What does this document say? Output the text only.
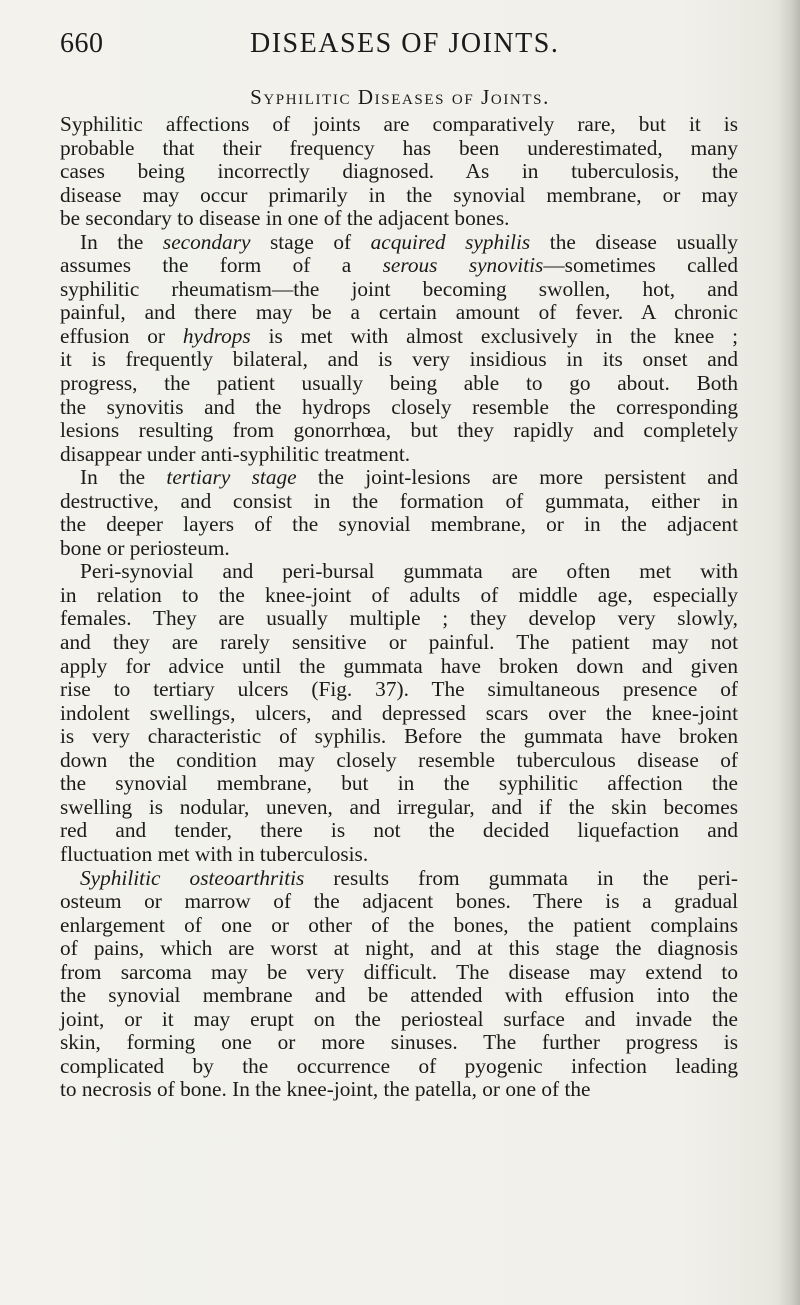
660	DISEASES OF JOINTS.
Syphilitic Diseases of Joints.
Syphilitic affections of joints are comparatively rare, but it is
probable that their frequency has been underestimated, many
cases being incorrectly diagnosed. As in tuberculosis, the
disease may occur primarily in the synovial membrane, or may
be secondary to disease in one of the adjacent bones.
In the secondary stage of acquired syphilis the disease usually
assumes the form of a serous synovitis—sometimes called
syphilitic rheumatism—the joint becoming swollen, hot, and
painful, and there may be a certain amount of fever. A chronic
effusion or hydrops is met with almost exclusively in the knee ;
it is frequently bilateral, and is very insidious in its onset and
progress, the patient usually being able to go about. Both
the synovitis and the hydrops closely resemble the corresponding
lesions resulting from gonorrhœa, but they rapidly and completely
disappear under anti-syphilitic treatment.
In the tertiary stage the joint-lesions are more persistent and
destructive, and consist in the formation of gummata, either in
the deeper layers of the synovial membrane, or in the adjacent
bone or periosteum.
Peri-synovial and peri-bursal gummata are often met with
in relation to the knee-joint of adults of middle age, especially
females. They are usually multiple ; they develop very slowly,
and they are rarely sensitive or painful. The patient may not
apply for advice until the gummata have broken down and given
rise to tertiary ulcers (Fig. 37). The simultaneous presence of
indolent swellings, ulcers, and depressed scars over the knee-joint
is very characteristic of syphilis. Before the gummata have broken
down the condition may closely resemble tuberculous disease of
the synovial membrane, but in the syphilitic affection the
swelling is nodular, uneven, and irregular, and if the skin becomes
red and tender, there is not the decided liquefaction and
fluctuation met with in tuberculosis.
Syphilitic osteoarthritis results from gummata in the peri-
osteum or marrow of the adjacent bones. There is a gradual
enlargement of one or other of the bones, the patient complains
of pains, which are worst at night, and at this stage the diagnosis
from sarcoma may be very difficult. The disease may extend to
the synovial membrane and be attended with effusion into the
joint, or it may erupt on the periosteal surface and invade the
skin, forming one or more sinuses. The further progress is
complicated by the occurrence of pyogenic infection leading
to necrosis of bone. In the knee-joint, the patella, or one of the
